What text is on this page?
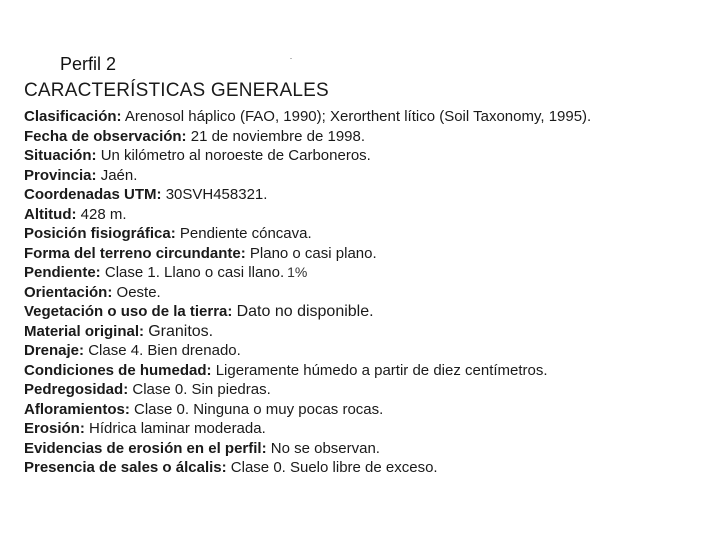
Perfil 2
CARACTERÍSTICAS GENERALES
Clasificación: Arenosol háplico (FAO, 1990); Xerorthent lítico (Soil Taxonomy, 1995).
Fecha de observación: 21 de noviembre de 1998.
Situación: Un kilómetro al noroeste de Carboneros.
Provincia: Jaén.
Coordenadas UTM: 30SVH458321.
Altitud: 428 m.
Posición fisiográfica: Pendiente cóncava.
Forma del terreno circundante: Plano o casi plano.
Pendiente: Clase 1. Llano o casi llano. 1%
Orientación: Oeste.
Vegetación o uso de la tierra: Dato no disponible.
Material original: Granitos.
Drenaje: Clase 4. Bien drenado.
Condiciones de humedad: Ligeramente húmedo a partir de diez centímetros.
Pedregosidad: Clase 0. Sin piedras.
Afloramientos: Clase 0. Ninguna o muy pocas rocas.
Erosión: Hídrica laminar moderada.
Evidencias de erosión en el perfil: No se observan.
Presencia de sales o álcalis: Clase 0. Suelo libre de exceso.
